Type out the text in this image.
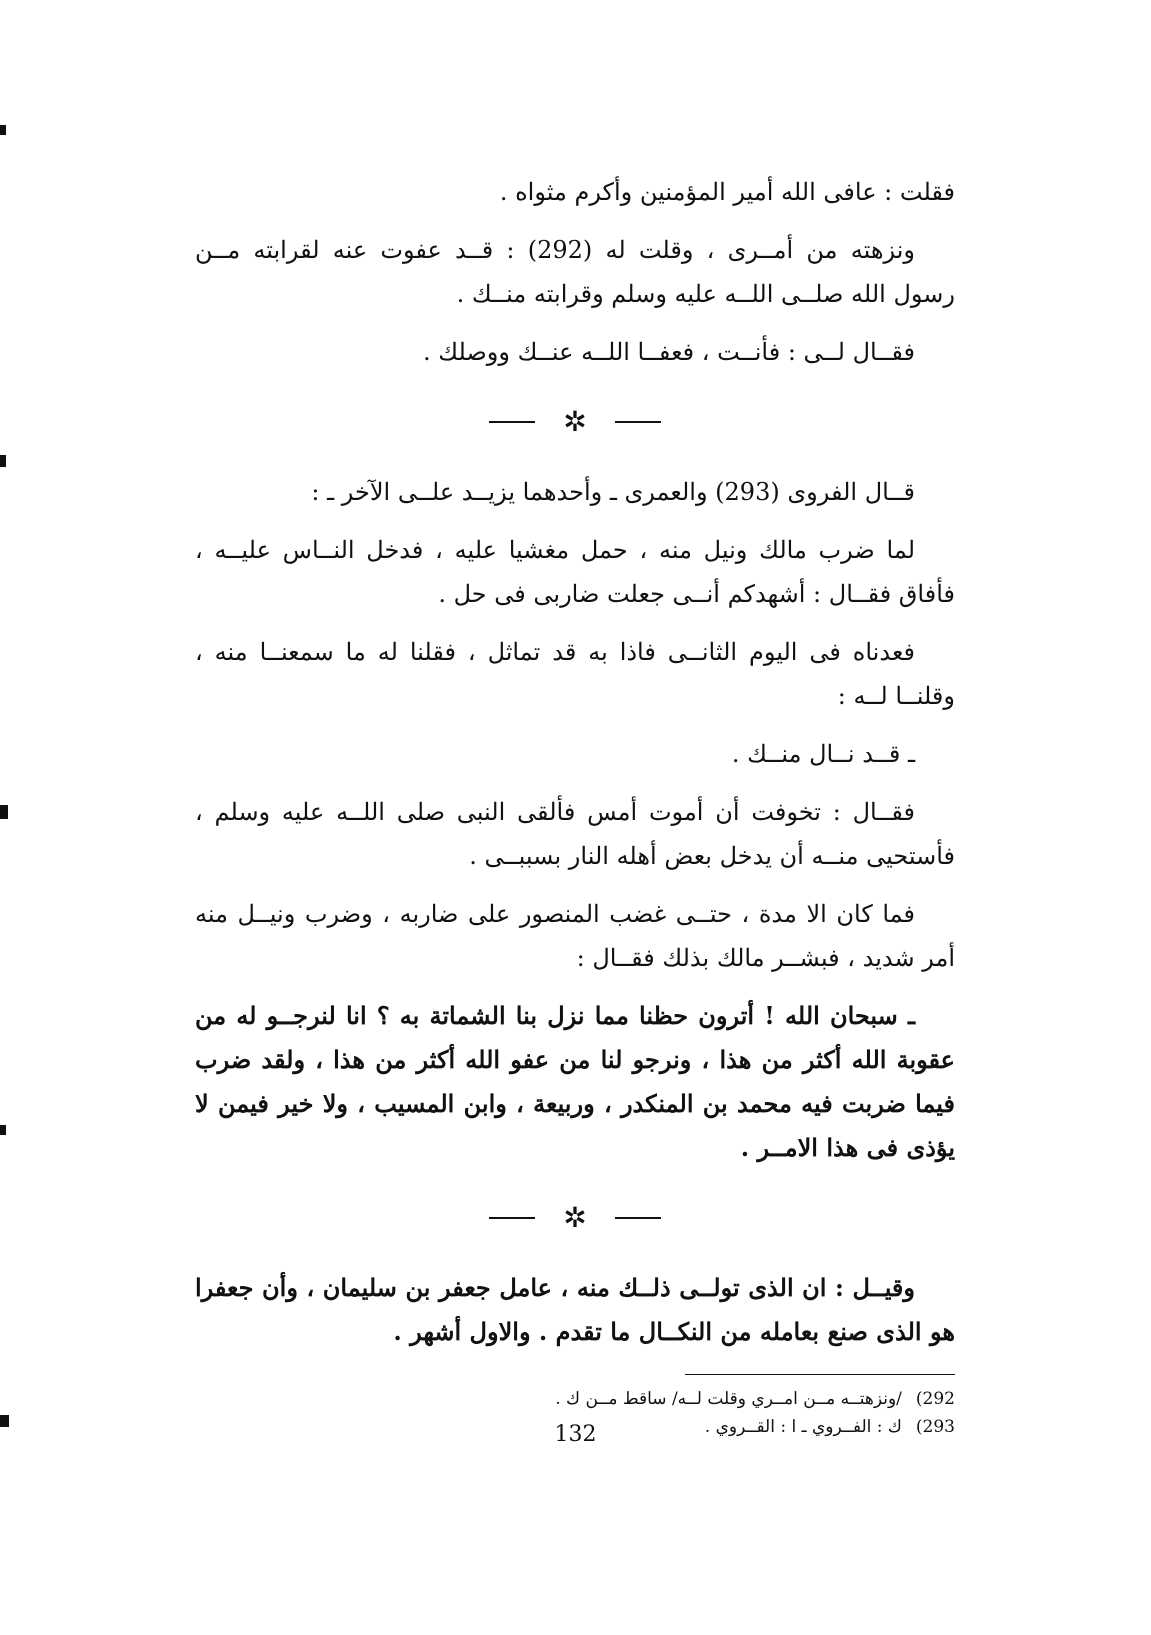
فقلت : عافى الله أمير المؤمنين وأكرم مثواه .

ونزهته من أمــرى ، وقلت له (292) : قــد عفوت عنه لقرابته مــن رسول الله صلــى اللــه عليه وسلم وقرابته منــك .

فقــال لــى : فأنــت ، فعفــا اللــه عنــك ووصلك .

✲

قــال الفروى (293) والعمرى ـ وأحدهما يزيــد علــى الآخر ـ :

لما ضرب مالك ونيل منه ، حمل مغشيا عليه ، فدخل النــاس عليــه ، فأفاق فقــال : أشهدكم أنــى جعلت ضاربى فى حل .

فعدناه فى اليوم الثانــى فاذا به قد تماثل ، فقلنا له ما سمعنــا منه ، وقلنــا لــه :

ـ قــد نــال منــك .

فقــال : تخوفت أن أموت أمس فألقى النبى صلى اللــه عليه وسلم ، فأستحيى منــه أن يدخل بعض أهله النار بسببــى .

فما كان الا مدة ، حتــى غضب المنصور على ضاربه ، وضرب ونيــل منه أمر شديد ، فبشــر مالك بذلك فقــال :

ـ سبحان الله ! أترون حظنا مما نزل بنا الشماتة به ؟ انا لنرجــو له من عقوبة الله أكثر من هذا ، ونرجو لنا من عفو الله أكثر من هذا ، ولقد ضرب فيما ضربت فيه محمد بن المنكدر ، وربيعة ، وابن المسيب ، ولا خير فيمن لا يؤذى فى هذا الامــر .

✲

وقيــل : ان الذى تولــى ذلــك منه ، عامل جعفر بن سليمان ، وأن جعفرا هو الذى صنع بعامله من النكــال ما تقدم . والاول أشهر .

292)/ونزهتــه مــن امــري وقلت لــه/ ساقط مــن ك .

293)ك : الفــروي ـ ا : القــروي .

132
